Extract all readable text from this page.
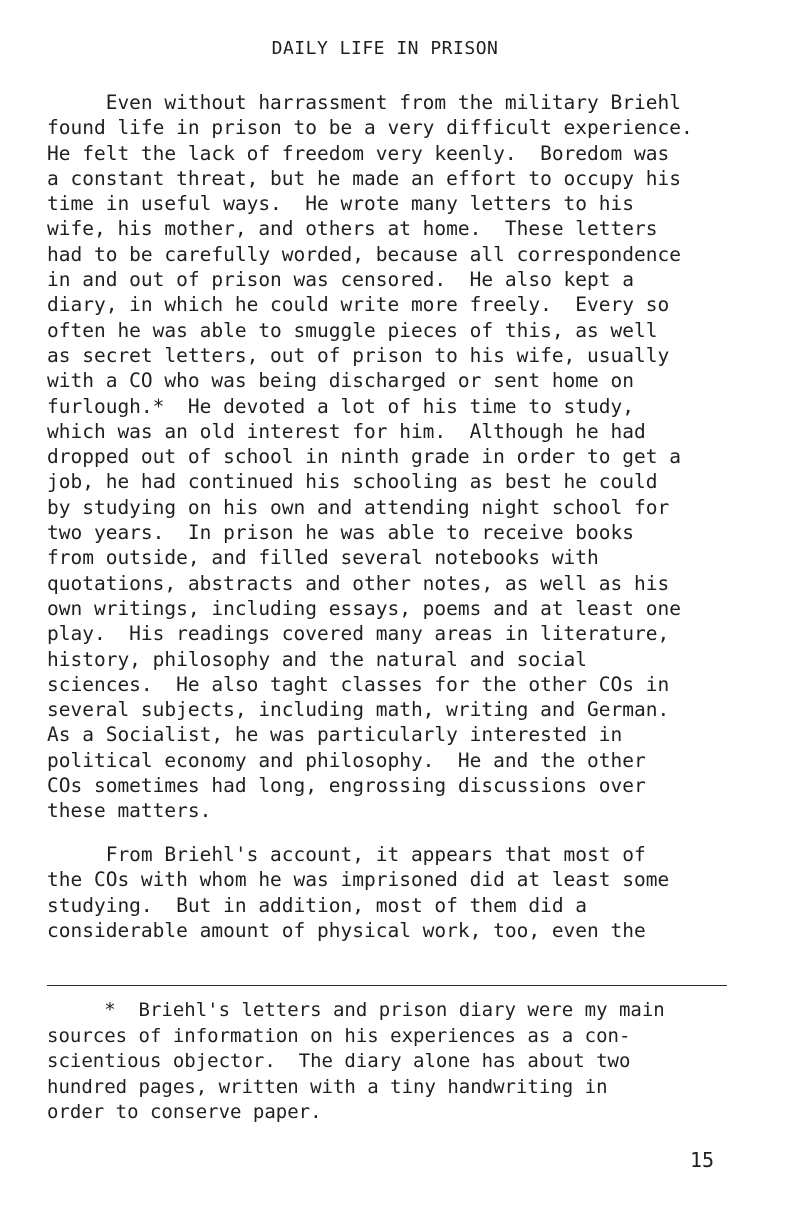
DAILY LIFE IN PRISON
Even without harrassment from the military Briehl
found life in prison to be a very difficult experience.
He felt the lack of freedom very keenly.  Boredom was
a constant threat, but he made an effort to occupy his
time in useful ways.  He wrote many letters to his
wife, his mother, and others at home.  These letters
had to be carefully worded, because all correspondence
in and out of prison was censored.  He also kept a
diary, in which he could write more freely.  Every so
often he was able to smuggle pieces of this, as well
as secret letters, out of prison to his wife, usually
with a CO who was being discharged or sent home on
furlough.*  He devoted a lot of his time to study,
which was an old interest for him.  Although he had
dropped out of school in ninth grade in order to get a
job, he had continued his schooling as best he could
by studying on his own and attending night school for
two years.  In prison he was able to receive books
from outside, and filled several notebooks with
quotations, abstracts and other notes, as well as his
own writings, including essays, poems and at least one
play.  His readings covered many areas in literature,
history, philosophy and the natural and social
sciences.  He also taght classes for the other COs in
several subjects, including math, writing and German.
As a Socialist, he was particularly interested in
political economy and philosophy.  He and the other
COs sometimes had long, engrossing discussions over
these matters.
From Briehl's account, it appears that most of
the COs with whom he was imprisoned did at least some
studying.  But in addition, most of them did a
considerable amount of physical work, too, even the
*  Briehl's letters and prison diary were my main
sources of information on his experiences as a con-
scientious objector.  The diary alone has about two
hundred pages, written with a tiny handwriting in
order to conserve paper.
15
